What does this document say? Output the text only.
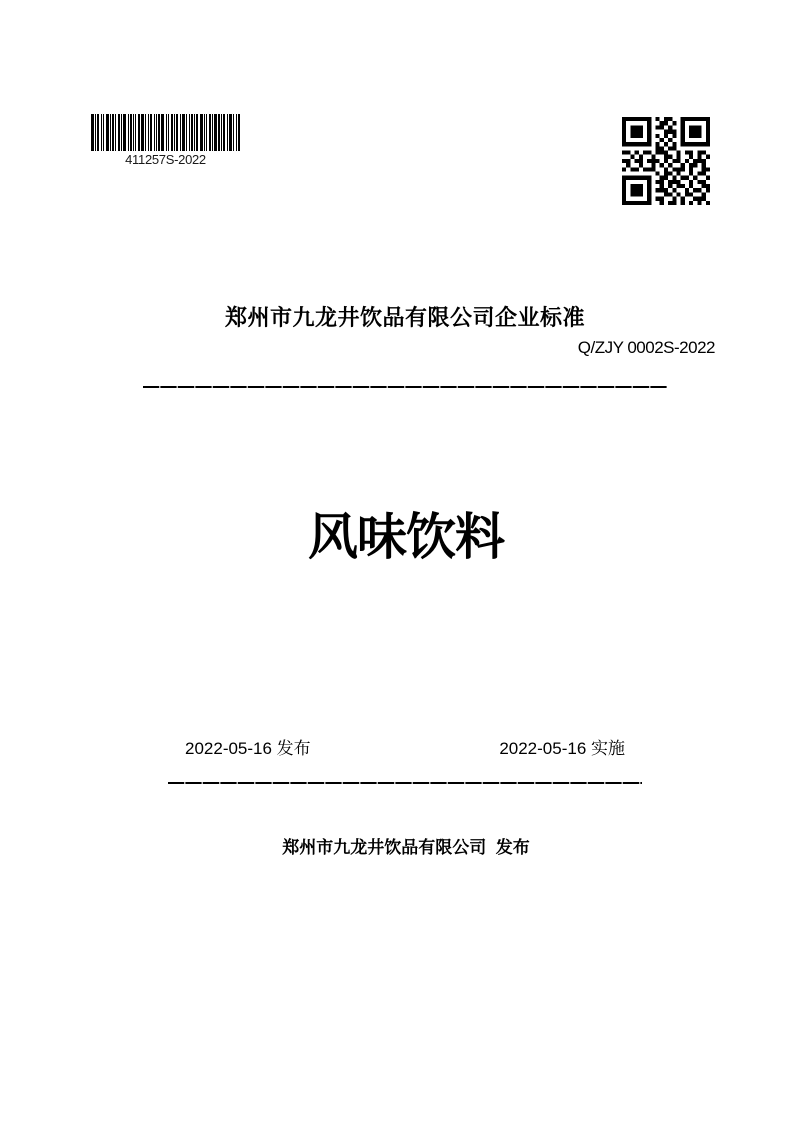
411257S-2022
郑州市九龙井饮品有限公司企业标准
Q/ZJY 0002S-2022
风味饮料
2022-05-16 发布	2022-05-16 实施
郑州市九龙井饮品有限公司  发布
